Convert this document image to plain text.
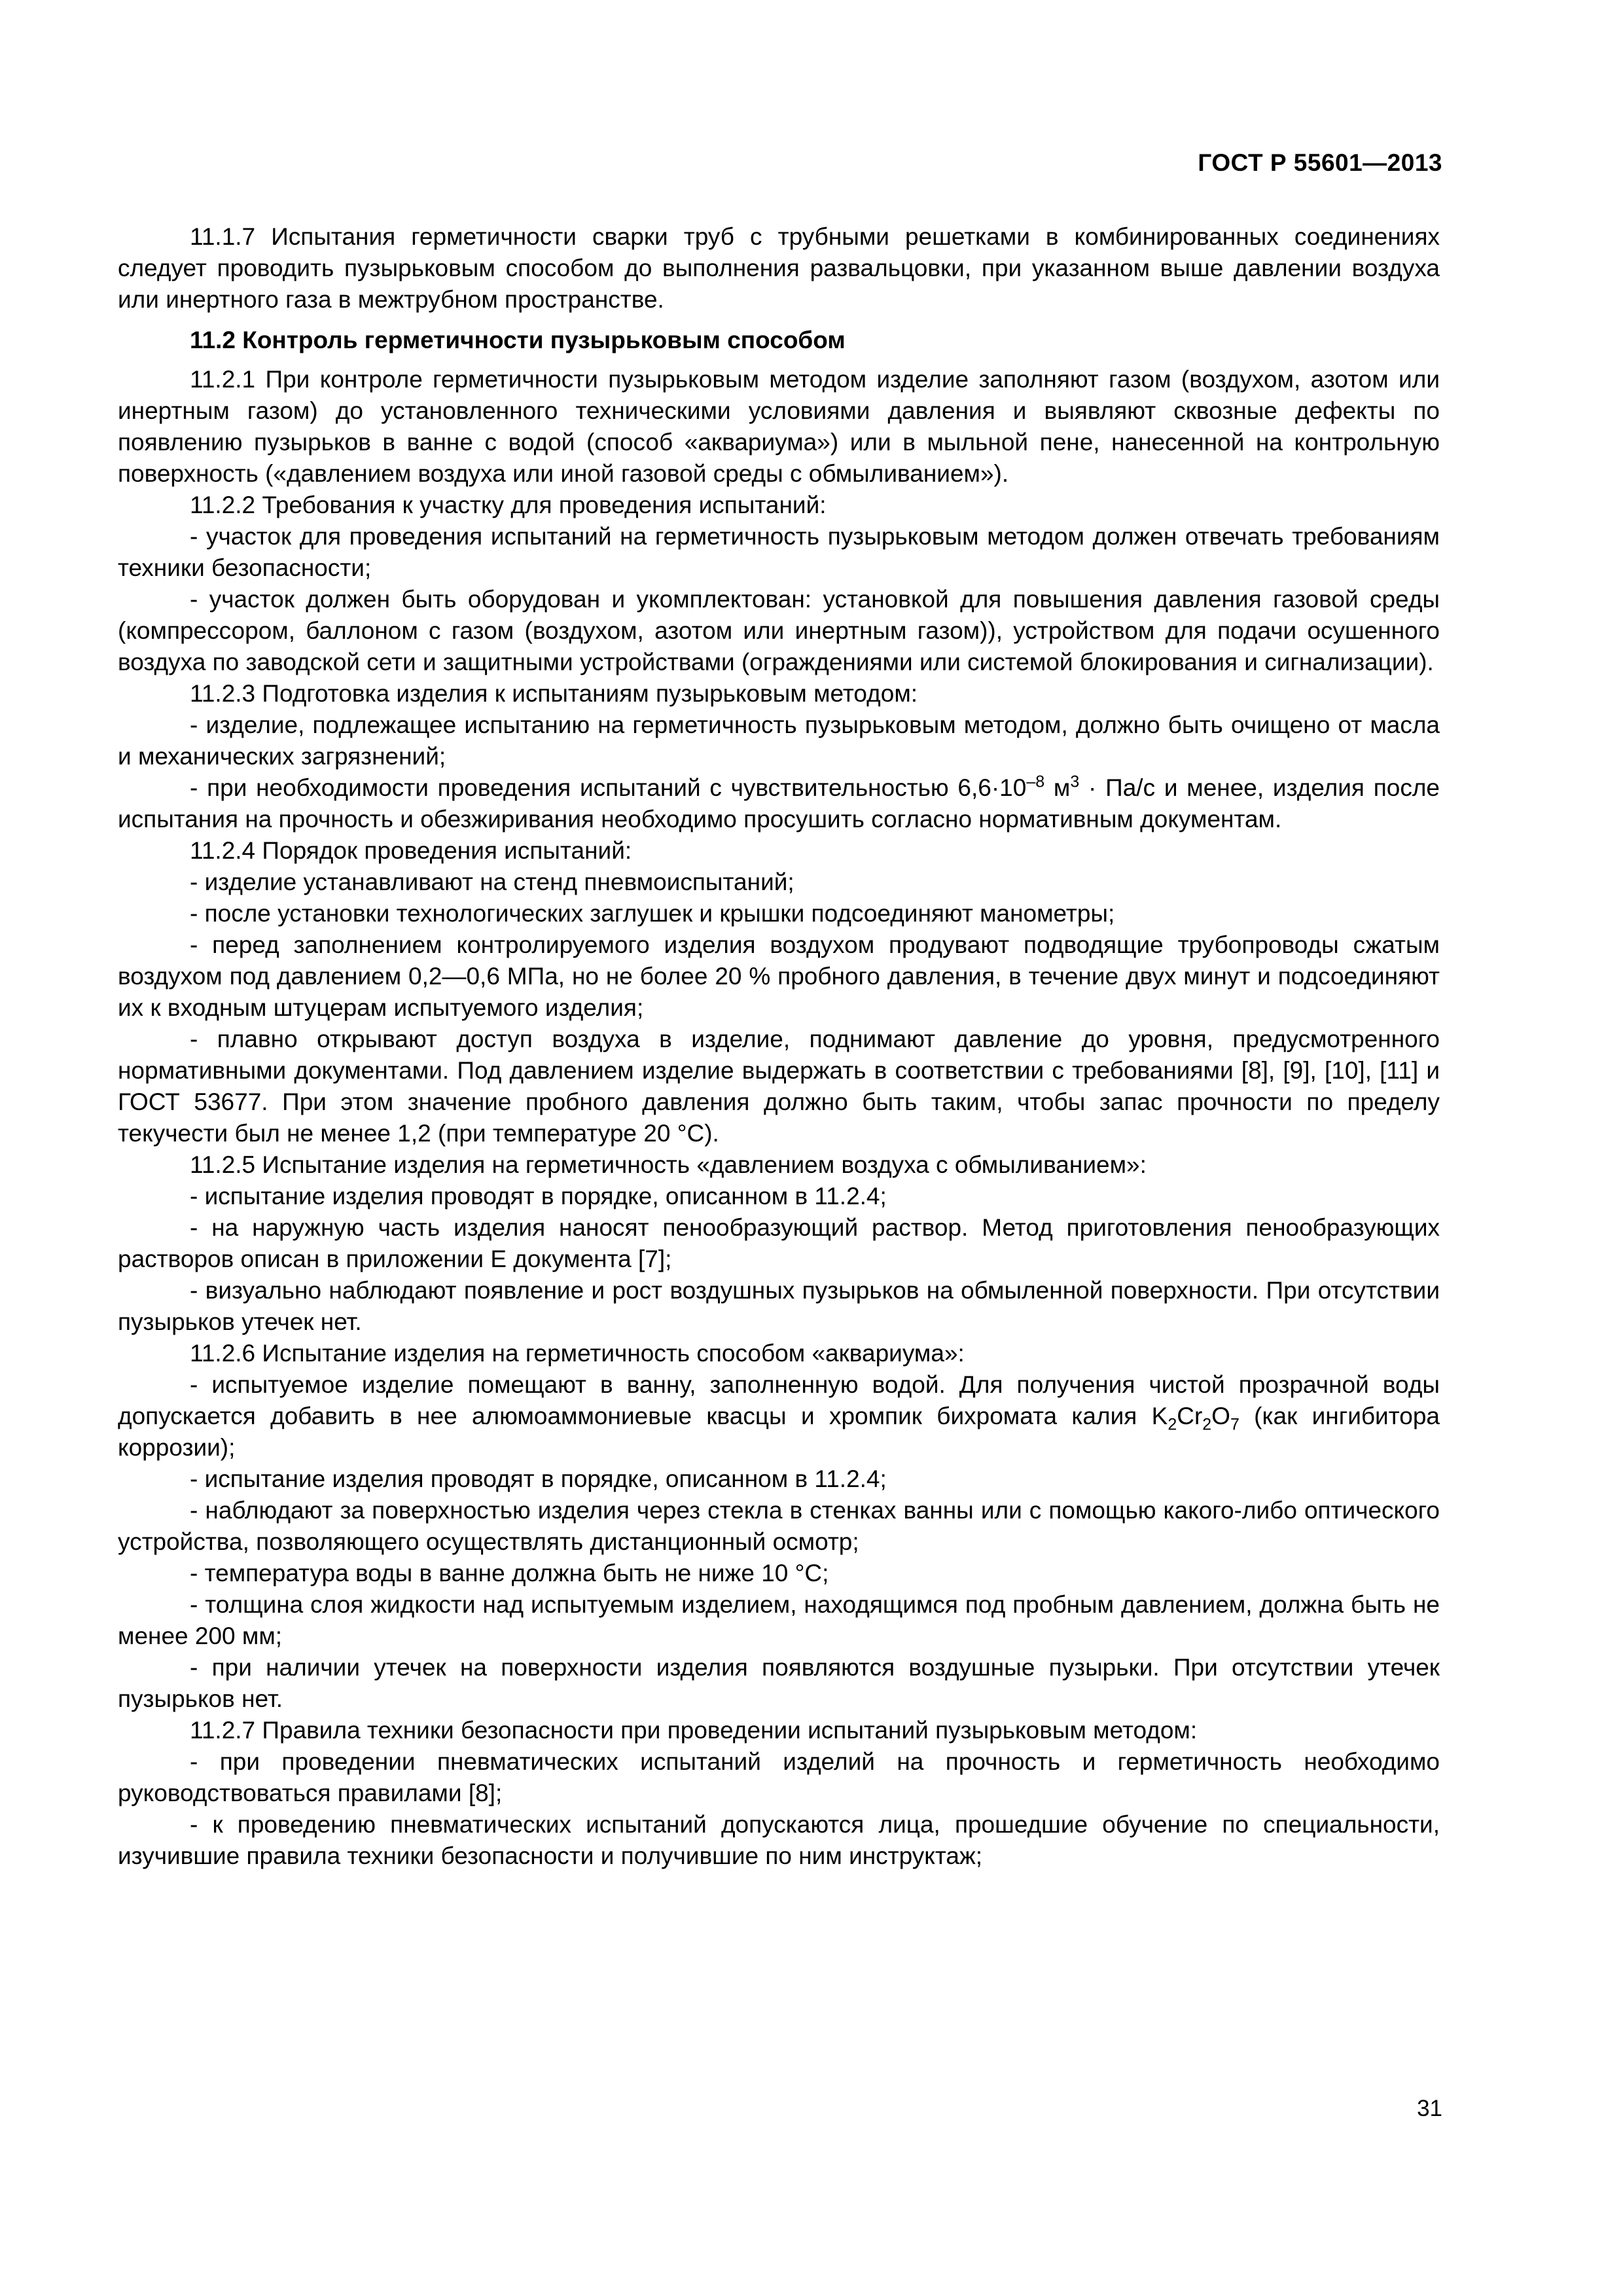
ГОСТ Р 55601—2013

11.1.7 Испытания герметичности сварки труб с трубными решетками в комбинированных соединениях следует проводить пузырьковым способом до выполнения развальцовки, при указанном выше давлении воздуха или инертного газа в межтрубном пространстве.

11.2 Контроль герметичности пузырьковым способом

11.2.1 При контроле герметичности пузырьковым методом изделие заполняют газом (воздухом, азотом или инертным газом) до установленного техническими условиями давления и выявляют сквозные дефекты по появлению пузырьков в ванне с водой (способ «аквариума») или в мыльной пене, нанесенной на контрольную поверхность («давлением воздуха или иной газовой среды с обмыливанием»).

11.2.2 Требования к участку для проведения испытаний:

- участок для проведения испытаний на герметичность пузырьковым методом должен отвечать требованиям техники безопасности;

- участок должен быть оборудован и укомплектован: установкой для повышения давления газовой среды (компрессором, баллоном с газом (воздухом, азотом или инертным газом)), устройством для подачи осушенного воздуха по заводской сети и защитными устройствами (ограждениями или системой блокирования и сигнализации).

11.2.3 Подготовка изделия к испытаниям пузырьковым методом:

- изделие, подлежащее испытанию на герметичность пузырьковым методом, должно быть очищено от масла и механических загрязнений;

- при необходимости проведения испытаний с чувствительностью $6,6\cdot 10^{-8}$ $м^3 \cdot Па/с$ и менее, изделия после испытания на прочность и обезжиривания необходимо просушить согласно нормативным документам.

11.2.4 Порядок проведения испытаний:

- изделие устанавливают на стенд пневмоиспытаний;

- после установки технологических заглушек и крышки подсоединяют манометры;

- перед заполнением контролируемого изделия воздухом продувают подводящие трубопроводы сжатым воздухом под давлением 0,2—0,6 МПа, но не более 20 % пробного давления, в течение двух минут и подсоединяют их к входным штуцерам испытуемого изделия;

- плавно открывают доступ воздуха в изделие, поднимают давление до уровня, предусмотренного нормативными документами. Под давлением изделие выдержать в соответствии с требованиями [8], [9], [10], [11] и ГОСТ 53677. При этом значение пробного давления должно быть таким, чтобы запас прочности по пределу текучести был не менее 1,2 (при температуре 20 °C).

11.2.5 Испытание изделия на герметичность «давлением воздуха с обмыливанием»:

- испытание изделия проводят в порядке, описанном в 11.2.4;

- на наружную часть изделия наносят пенообразующий раствор. Метод приготовления пенообразующих растворов описан в приложении Е документа [7];

- визуально наблюдают появление и рост воздушных пузырьков на обмыленной поверхности. При отсутствии пузырьков утечек нет.

11.2.6 Испытание изделия на герметичность способом «аквариума»:

- испытуемое изделие помещают в ванну, заполненную водой. Для получения чистой прозрачной воды допускается добавить в нее алюмоаммониевые квасцы и хромпик бихромата калия $K_2Cr_2O_7$ (как ингибитора коррозии);

- испытание изделия проводят в порядке, описанном в 11.2.4;

- наблюдают за поверхностью изделия через стекла в стенках ванны или с помощью какого-либо оптического устройства, позволяющего осуществлять дистанционный осмотр;

- температура воды в ванне должна быть не ниже 10 °C;

- толщина слоя жидкости над испытуемым изделием, находящимся под пробным давлением, должна быть не менее 200 мм;

- при наличии утечек на поверхности изделия появляются воздушные пузырьки. При отсутствии утечек пузырьков нет.

11.2.7 Правила техники безопасности при проведении испытаний пузырьковым методом:

- при проведении пневматических испытаний изделий на прочность и герметичность необходимо руководствоваться правилами [8];

- к проведению пневматических испытаний допускаются лица, прошедшие обучение по специальности, изучившие правила техники безопасности и получившие по ним инструктаж;

31
